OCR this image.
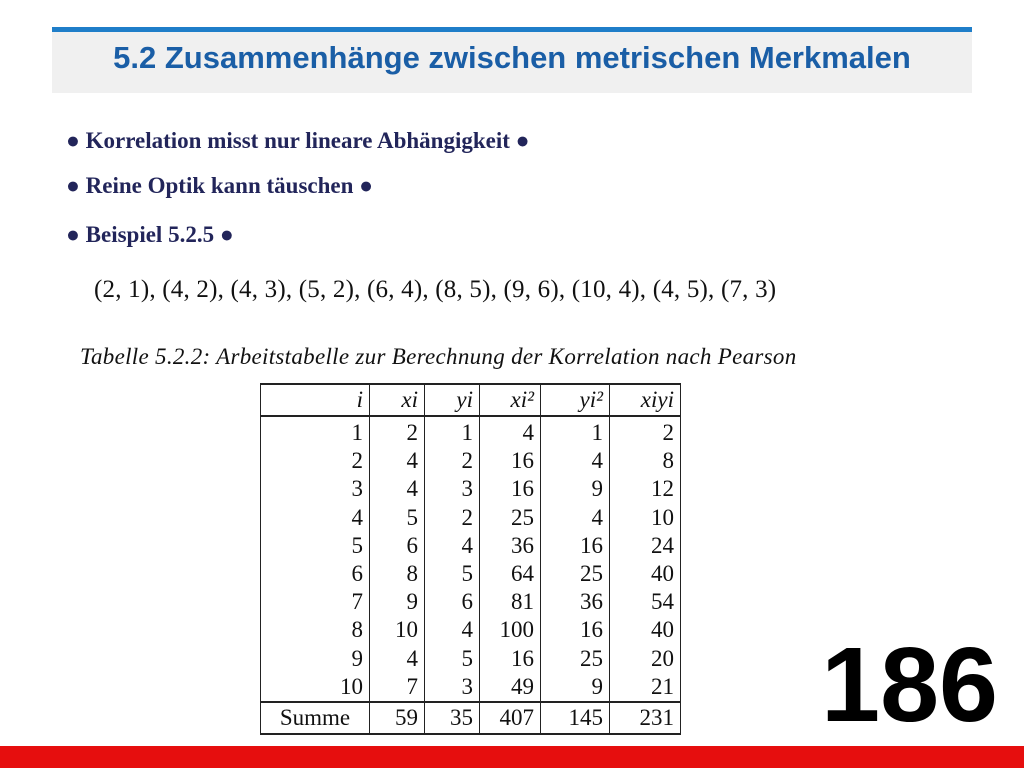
5.2 Zusammenhänge zwischen metrischen Merkmalen
● Korrelation misst nur lineare Abhängigkeit ●
● Reine Optik kann täuschen ●
● Beispiel 5.2.5 ●
(2, 1), (4, 2), (4, 3), (5, 2), (6, 4), (8, 5), (9, 6), (10, 4), (4, 5), (7, 3)
Tabelle 5.2.2: Arbeitstabelle zur Berechnung der Korrelation nach Pearson
i	xi	yi	xi²	yi²	xiyi
1	2	1	4	1	2
2	4	2	16	4	8
3	4	3	16	9	12
4	5	2	25	4	10
5	6	4	36	16	24
6	8	5	64	25	40
7	9	6	81	36	54
8	10	4	100	16	40
9	4	5	16	25	20
10	7	3	49	9	21
Summe	59	35	407	145	231 186
